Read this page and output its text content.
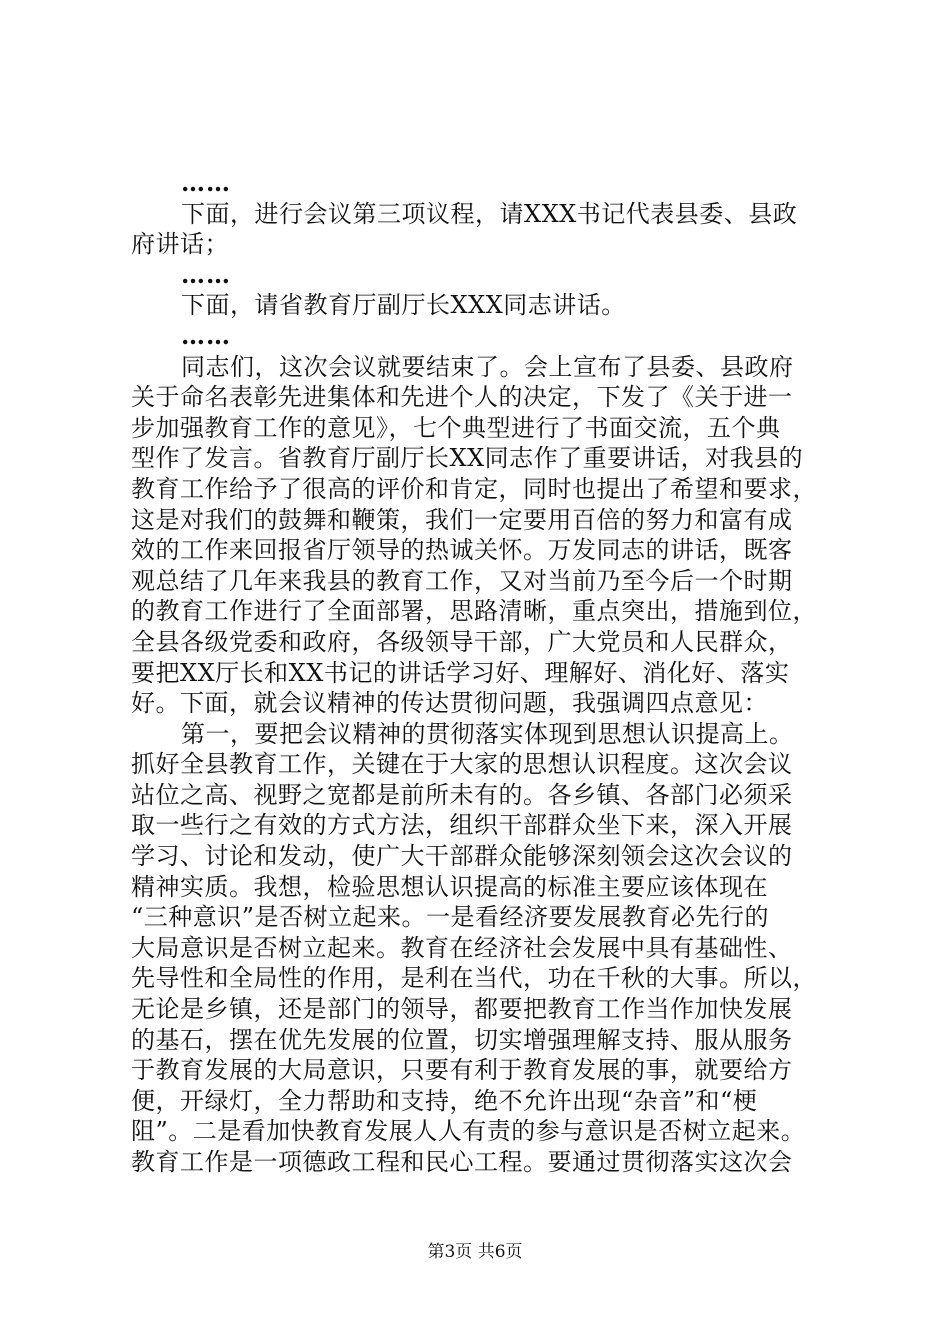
……
下面，进行会议第三项议程，请XXX书记代表县委、县政
府讲话；
……
下面，请省教育厅副厅长XXX同志讲话。
……
同志们，这次会议就要结束了。会上宣布了县委、县政府
关于命名表彰先进集体和先进个人的决定，下发了《关于进一
步加强教育工作的意见》，七个典型进行了书面交流，五个典
型作了发言。省教育厅副厅长XX同志作了重要讲话，对我县的
教育工作给予了很高的评价和肯定，同时也提出了希望和要求，
这是对我们的鼓舞和鞭策，我们一定要用百倍的努力和富有成
效的工作来回报省厅领导的热诚关怀。万发同志的讲话，既客
观总结了几年来我县的教育工作，又对当前乃至今后一个时期
的教育工作进行了全面部署，思路清晰，重点突出，措施到位，
全县各级党委和政府，各级领导干部，广大党员和人民群众，
要把XX厅长和XX书记的讲话学习好、理解好、消化好、落实
好。下面，就会议精神的传达贯彻问题，我强调四点意见：
第一，要把会议精神的贯彻落实体现到思想认识提高上。
抓好全县教育工作，关键在于大家的思想认识程度。这次会议
站位之高、视野之宽都是前所未有的。各乡镇、各部门必须采
取一些行之有效的方式方法，组织干部群众坐下来，深入开展
学习、讨论和发动，使广大干部群众能够深刻领会这次会议的
精神实质。我想，检验思想认识提高的标准主要应该体现在
“三种意识”是否树立起来。一是看经济要发展教育必先行的
大局意识是否树立起来。教育在经济社会发展中具有基础性、
先导性和全局性的作用，是利在当代，功在千秋的大事。所以，
无论是乡镇，还是部门的领导，都要把教育工作当作加快发展
的基石，摆在优先发展的位置，切实增强理解支持、服从服务
于教育发展的大局意识，只要有利于教育发展的事，就要给方
便，开绿灯，全力帮助和支持，绝不允许出现“杂音”和“梗
阻”。二是看加快教育发展人人有责的参与意识是否树立起来。
教育工作是一项德政工程和民心工程。要通过贯彻落实这次会
第3页 共6页
